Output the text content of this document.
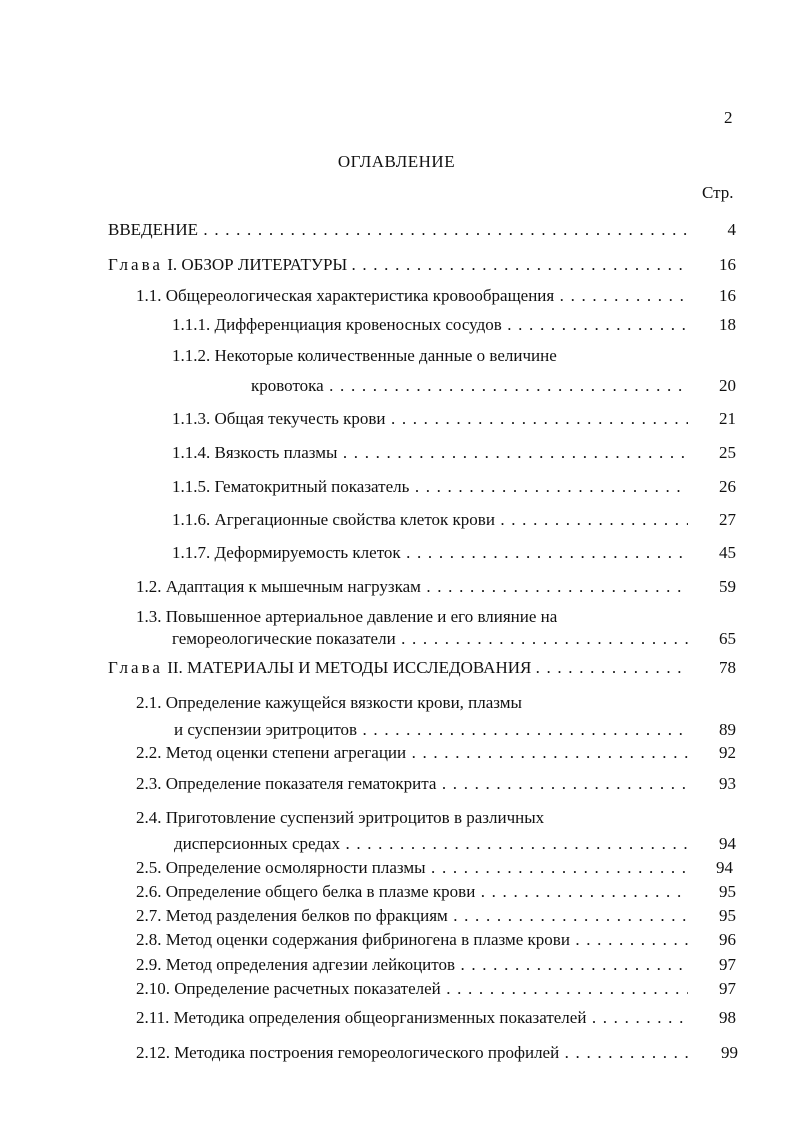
2
ОГЛАВЛЕНИЕ
Стр.
ВВЕДЕНИЕ . . .	4
Глава I. ОБЗОР ЛИТЕРАТУРЫ . . .	16
1.1. Общереологическая характеристика кровообращения . . .	16
1.1.1. Дифференциация кровеносных сосудов . . .	18
1.1.2. Некоторые количественные данные о величине
кровотока . . .	20
1.1.3. Общая текучесть крови . . .	21
1.1.4. Вязкость плазмы . . .	25
1.1.5. Гематокритный показатель . . .	26
1.1.6. Агрегационные свойства клеток крови . . .	27
1.1.7. Деформируемость клеток . . .	45
1.2. Адаптация к мышечным нагрузкам . . .	59
1.3. Повышенное артериальное давление и его влияние на
гемореологические показатели . . .	65
Глава II. МАТЕРИАЛЫ И МЕТОДЫ ИССЛЕДОВАНИЯ . . .	78
2.1. Определение кажущейся вязкости крови, плазмы
и суспензии эритроцитов . . .	89
2.2. Метод оценки степени агрегации . . .	92
2.3. Определение показателя гематокрита . . .	93
2.4. Приготовление суспензий эритроцитов в различных
дисперсионных средах . . .	94
2.5. Определение осмолярности плазмы . . .	94
2.6. Определение общего белка в плазме крови . . .	95
2.7. Метод разделения белков по фракциям . . .	95
2.8. Метод оценки содержания фибриногена в плазме крови . . .	96
2.9. Метод определения адгезии лейкоцитов . . .	97
2.10. Определение расчетных показателей . . .	97
2.11. Методика определения общеорганизменных показателей . . .	98
2.12. Методика построения гемореологического профилей . . .	99
